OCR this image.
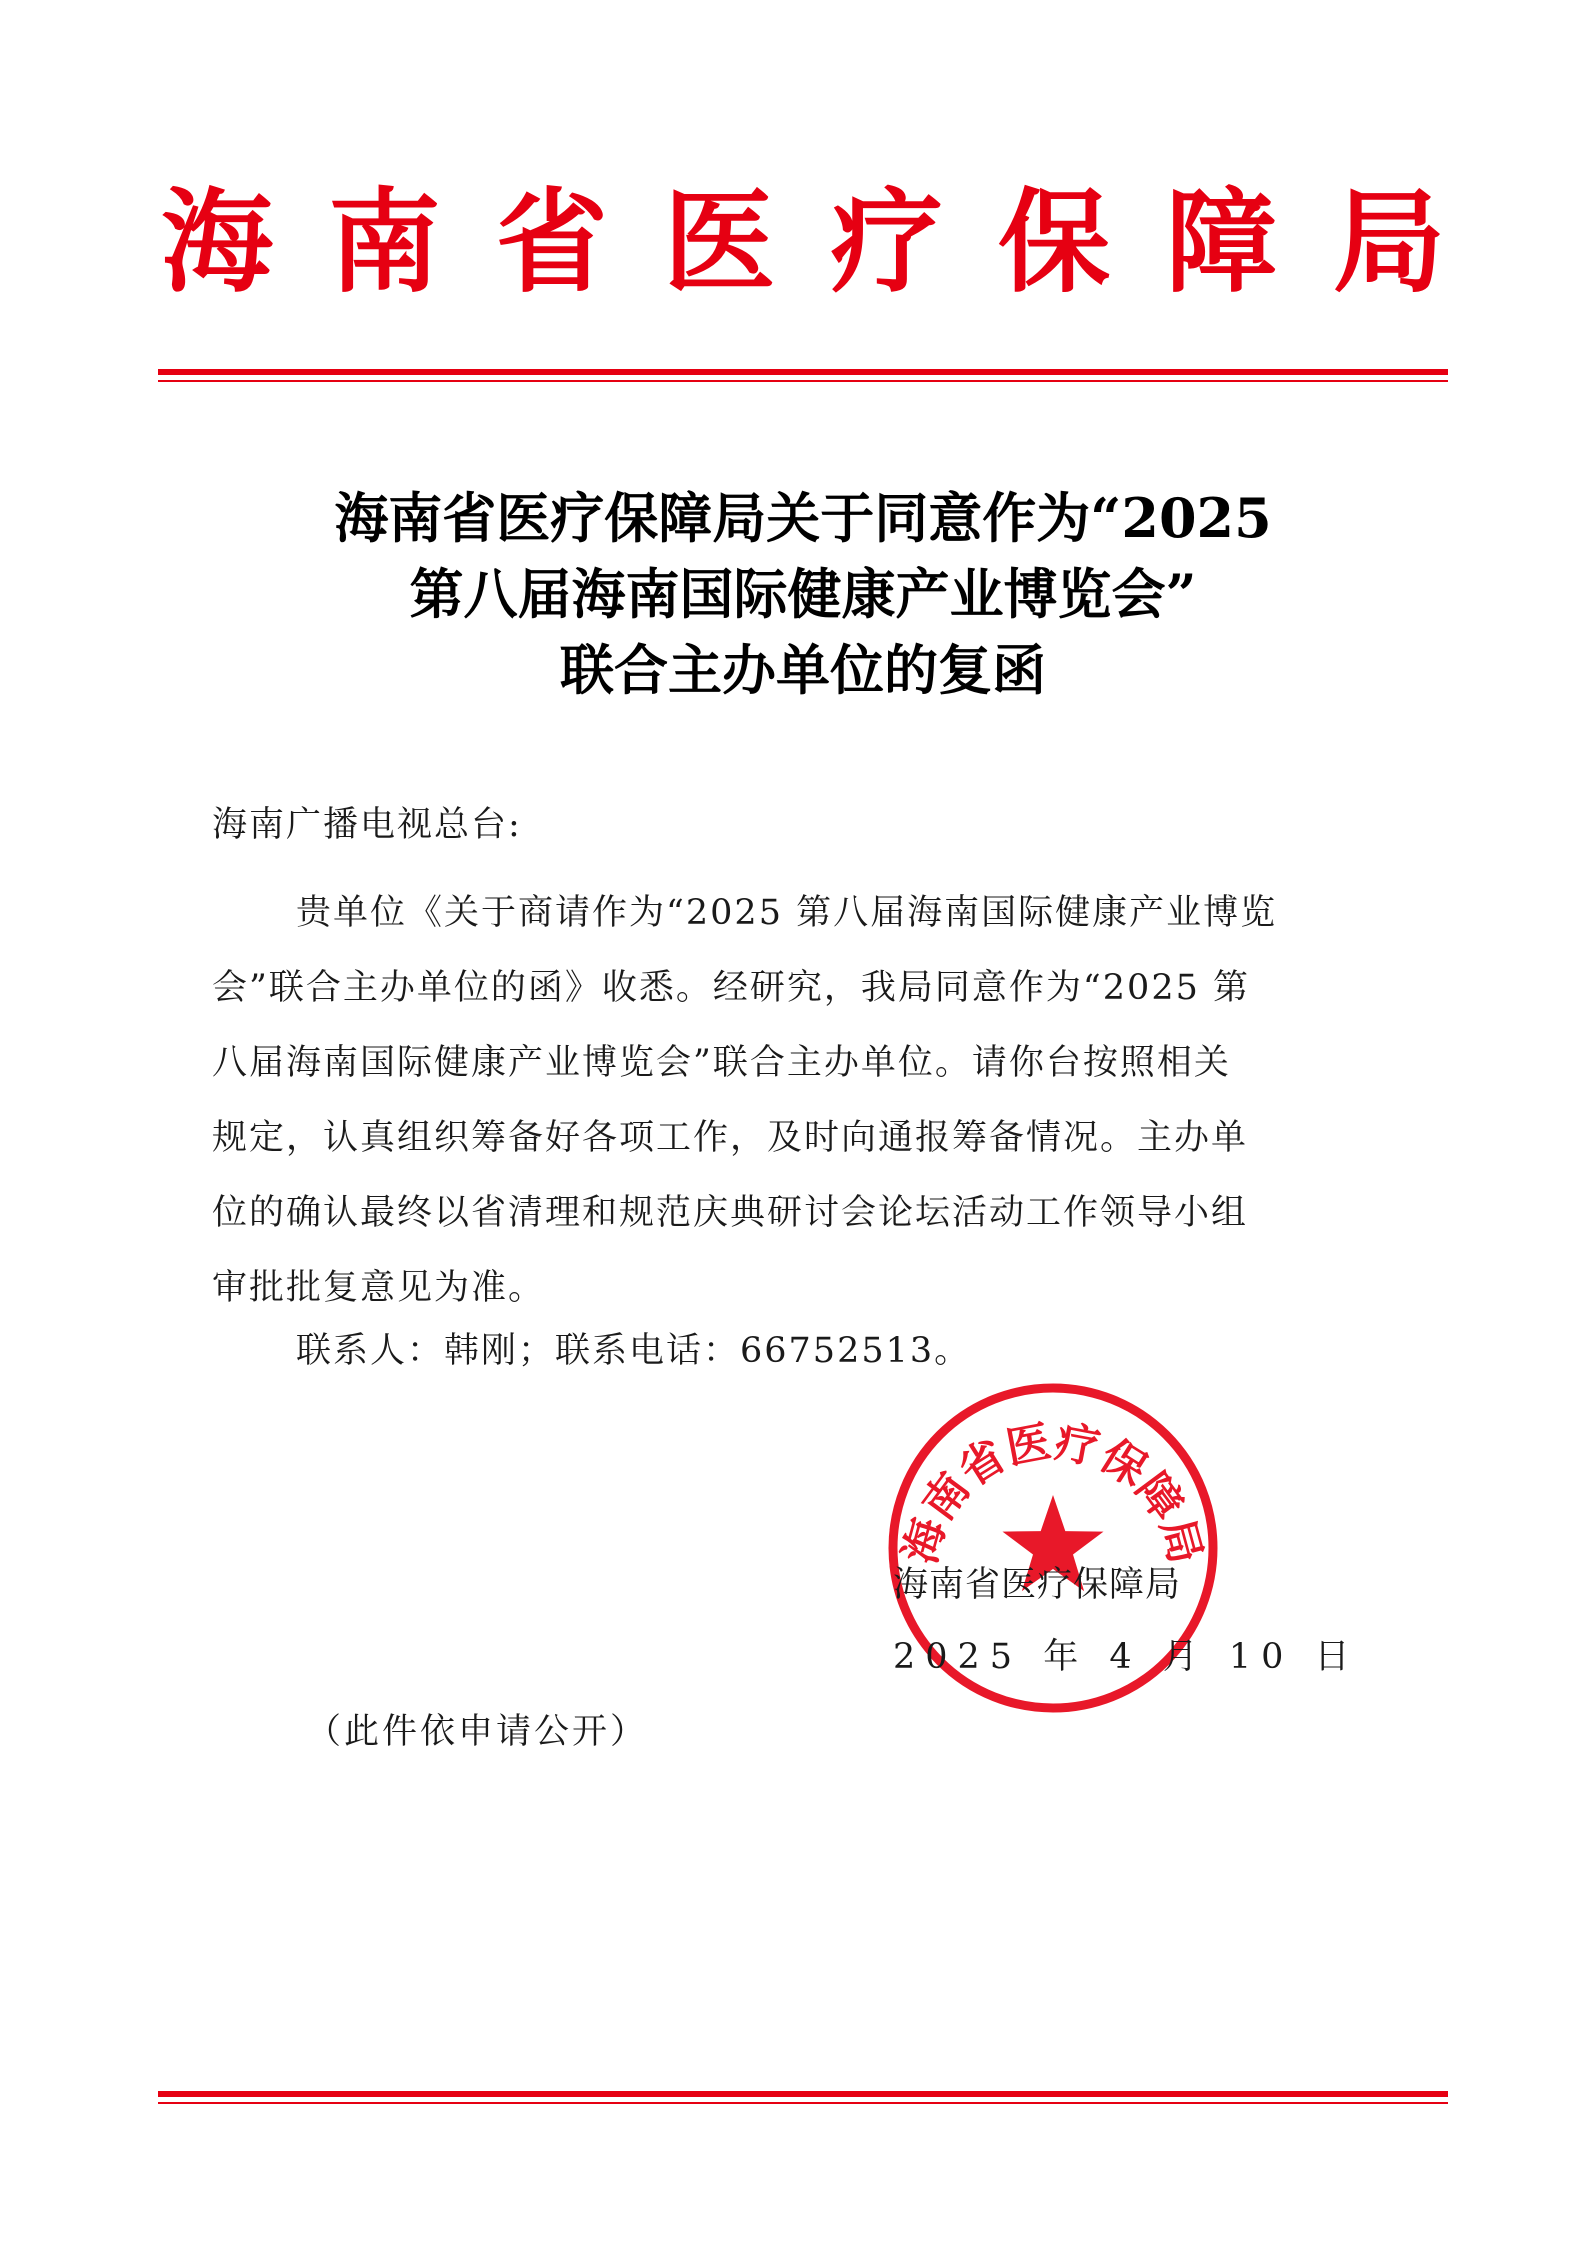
海 南 省 医 疗 保 障 局
海南省医疗保障局关于同意作为“2025
第八届海南国际健康产业博览会”
联合主办单位的复函

海南广播电视总台:

贵单位《关于商请作为“2025 第八届海南国际健康产业博览
会”联合主办单位的函》收悉。经研究，我局同意作为“2025 第
八届海南国际健康产业博览会”联合主办单位。请你台按照相关
规定，认真组织筹备好各项工作，及时向通报筹备情况。主办单
位的确认最终以省清理和规范庆典研讨会论坛活动工作领导小组
审批批复意见为准。

联系人：韩刚；联系电话：66752513。

海南省医疗保障局

海南省医疗保障局

2025 年 4 月 10 日

（此件依申请公开）
